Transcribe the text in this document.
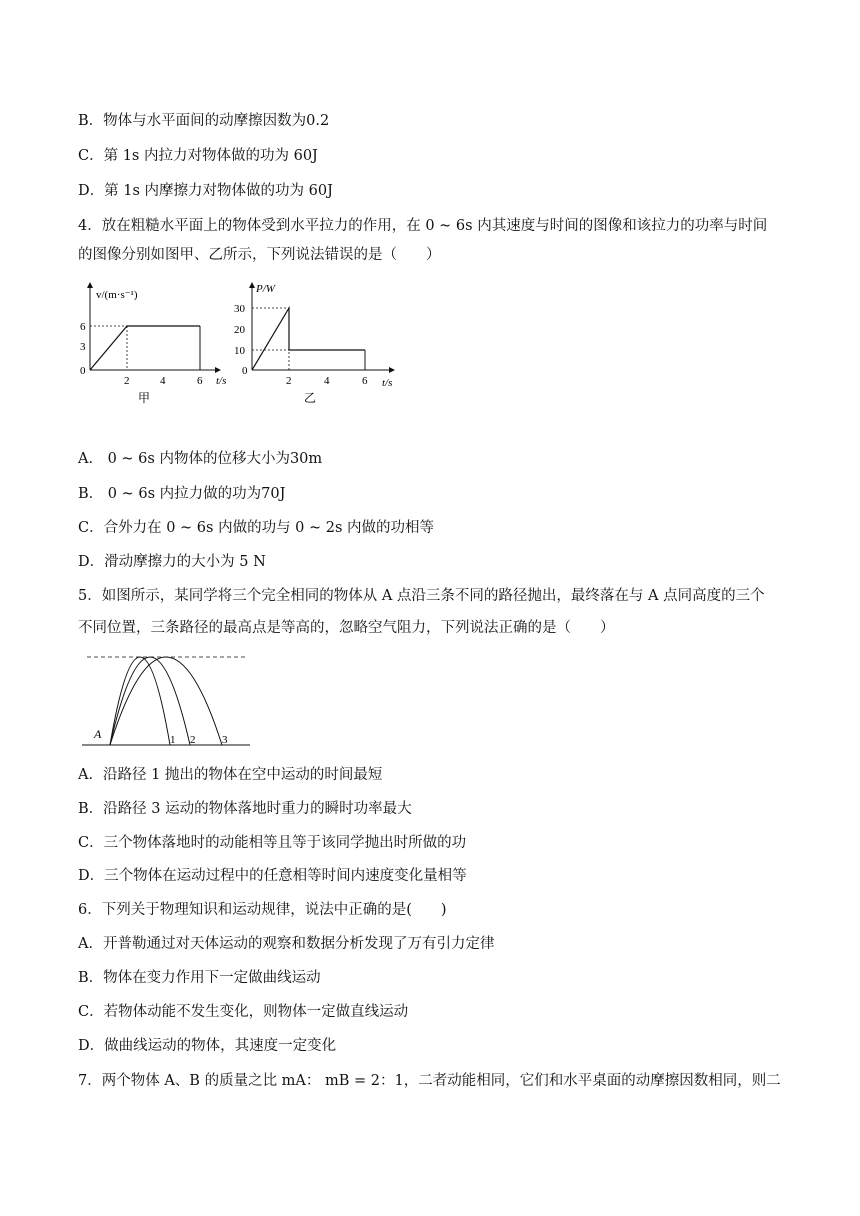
B．物体与水平面间的动摩擦因数为0.2
C．第 1s 内拉力对物体做的功为 60J
D．第 1s 内摩擦力对物体做的功为 60J
4．放在粗糙水平面上的物体受到水平拉力的作用，在 0 ~ 6s 内其速度与时间的图像和该拉力的功率与时间
的图像分别如图甲、乙所示，下列说法错误的是（　　）
v/(m·s⁻¹)
6
3
0
2	4	6 t/s
甲
P/W
30
20
10
0
2	4	6 t/s
乙
A． 0 ~ 6s 内物体的位移大小为30m
B． 0 ~ 6s 内拉力做的功为70J
C．合外力在 0 ~ 6s 内做的功与 0 ~ 2s 内做的功相等
D．滑动摩擦力的大小为 5 N
5．如图所示，某同学将三个完全相同的物体从 A 点沿三条不同的路径抛出，最终落在与 A 点同高度的三个
不同位置，三条路径的最高点是等高的，忽略空气阻力，下列说法正确的是（　　）
A	1 2 3
A．沿路径 1 抛出的物体在空中运动的时间最短
B．沿路径 3 运动的物体落地时重力的瞬时功率最大
C．三个物体落地时的动能相等且等于该同学抛出时所做的功
D．三个物体在运动过程中的任意相等时间内速度变化量相等
6．下列关于物理知识和运动规律，说法中正确的是(　　)
A．开普勒通过对天体运动的观察和数据分析发现了万有引力定律
B．物体在变力作用下一定做曲线运动
C．若物体动能不发生变化，则物体一定做直线运动
D．做曲线运动的物体，其速度一定变化
7．两个物体 A、B 的质量之比 mA： mB = 2：1，二者动能相同，它们和水平桌面的动摩擦因数相同，则二
